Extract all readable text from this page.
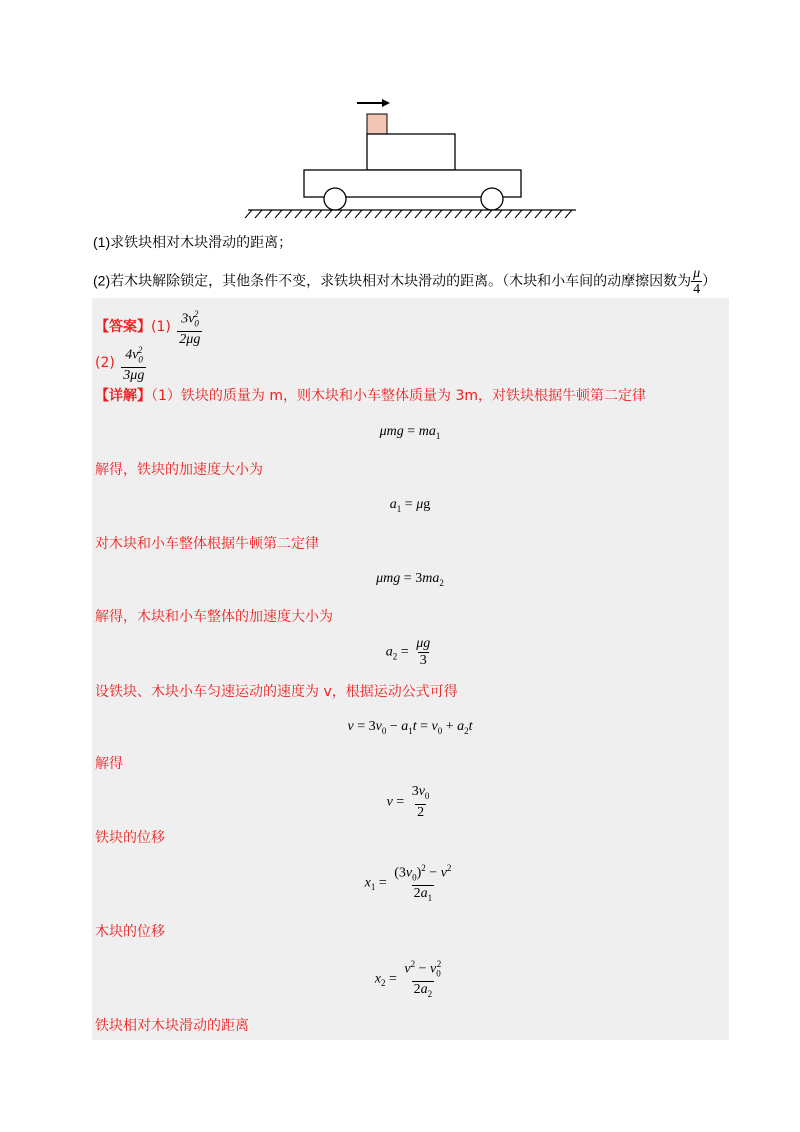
(1)求铁块相对木块滑动的距离；
(2)若木块解除锁定，其他条件不变，求铁块相对木块滑动的距离。（木块和小车间的动摩擦因数为 $\frac{\mu}{4}$ ）
【答案】$(1) \frac{3v_0^2}{2\mu g}$
$(2) \frac{4v_0^2}{3\mu g}$
【详解】（1）铁块的质量为 m，则木块和小车整体质量为 3m，对铁块根据牛顿第二定律
$\mu mg = ma_1$
解得，铁块的加速度大小为
$a_1 = \mu g$
对木块和小车整体根据牛顿第二定律
$\mu mg = 3ma_2$
解得，木块和小车整体的加速度大小为
$a_2 = \frac{\mu g}{3}$
设铁块、木块小车匀速运动的速度为 v，根据运动公式可得
$v = 3v_0 - a_1t = v_0 + a_2t$
解得
$v = \frac{3v_0}{2}$
铁块的位移
$x_1 = \frac{(3v_0)^2 - v^2}{2a_1}$
木块的位移
$x_2 = \frac{v^2 - v_0^2}{2a_2}$
铁块相对木块滑动的距离
